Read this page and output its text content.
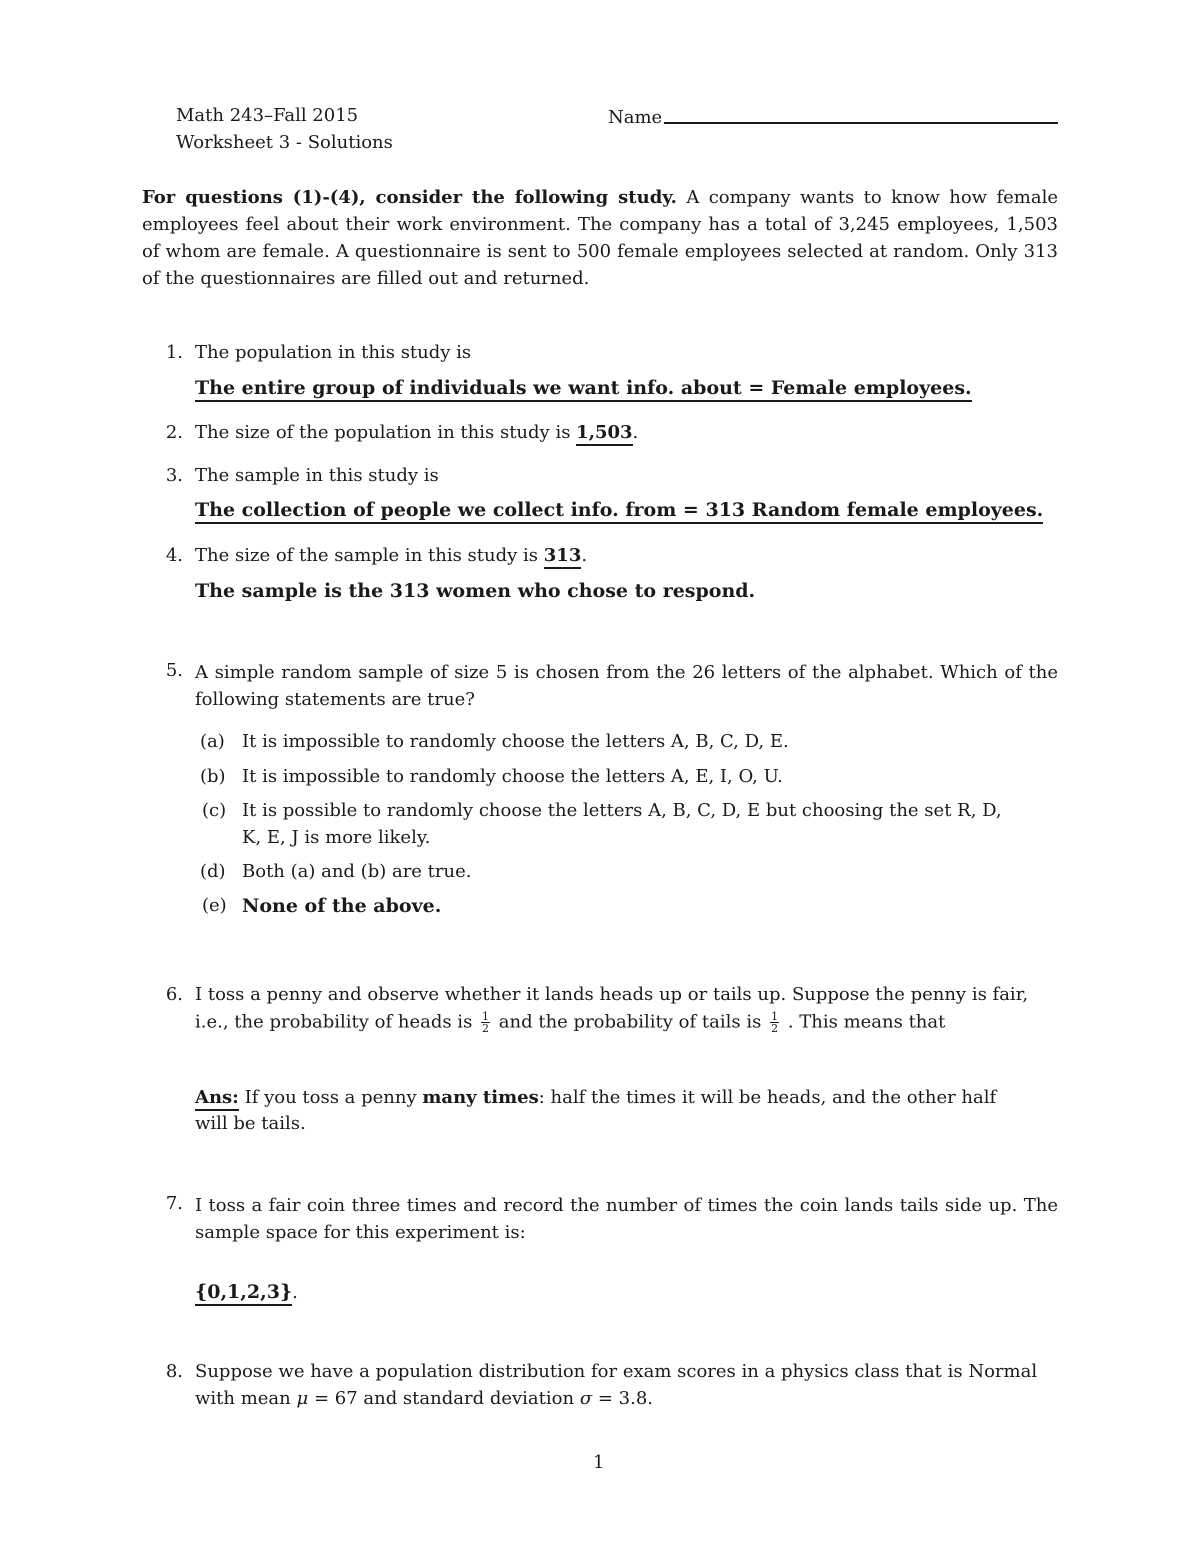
Math 243–Fall 2015
Worksheet 3 - Solutions
Name
For questions (1)-(4), consider the following study. A company wants to know how female employees feel about their work environment. The company has a total of 3,245 employees, 1,503 of whom are female. A questionnaire is sent to 500 female employees selected at random. Only 313 of the questionnaires are filled out and returned.
1. The population in this study is
The entire group of individuals we want info. about = Female employees.
2. The size of the population in this study is 1,503.
3. The sample in this study is
The collection of people we collect info. from = 313 Random female employees.
4. The size of the sample in this study is 313.
The sample is the 313 women who chose to respond.
5. A simple random sample of size 5 is chosen from the 26 letters of the alphabet. Which of the following statements are true?
(a) It is impossible to randomly choose the letters A, B, C, D, E.
(b) It is impossible to randomly choose the letters A, E, I, O, U.
(c) It is possible to randomly choose the letters A, B, C, D, E but choosing the set R, D,
K, E, J is more likely.
(d) Both (a) and (b) are true.
(e) None of the above.
6. I toss a penny and observe whether it lands heads up or tails up. Suppose the penny is fair,
i.e., the probability of heads is $\frac{1}{2}$ and the probability of tails is $\frac{1}{2}$ . This means that
Ans: If you toss a penny many times: half the times it will be heads, and the other half
will be tails.
7. I toss a fair coin three times and record the number of times the coin lands tails side up. The sample space for this experiment is:
{0,1,2,3}.
8. Suppose we have a population distribution for exam scores in a physics class that is Normal
with mean μ = 67 and standard deviation σ = 3.8.
1
